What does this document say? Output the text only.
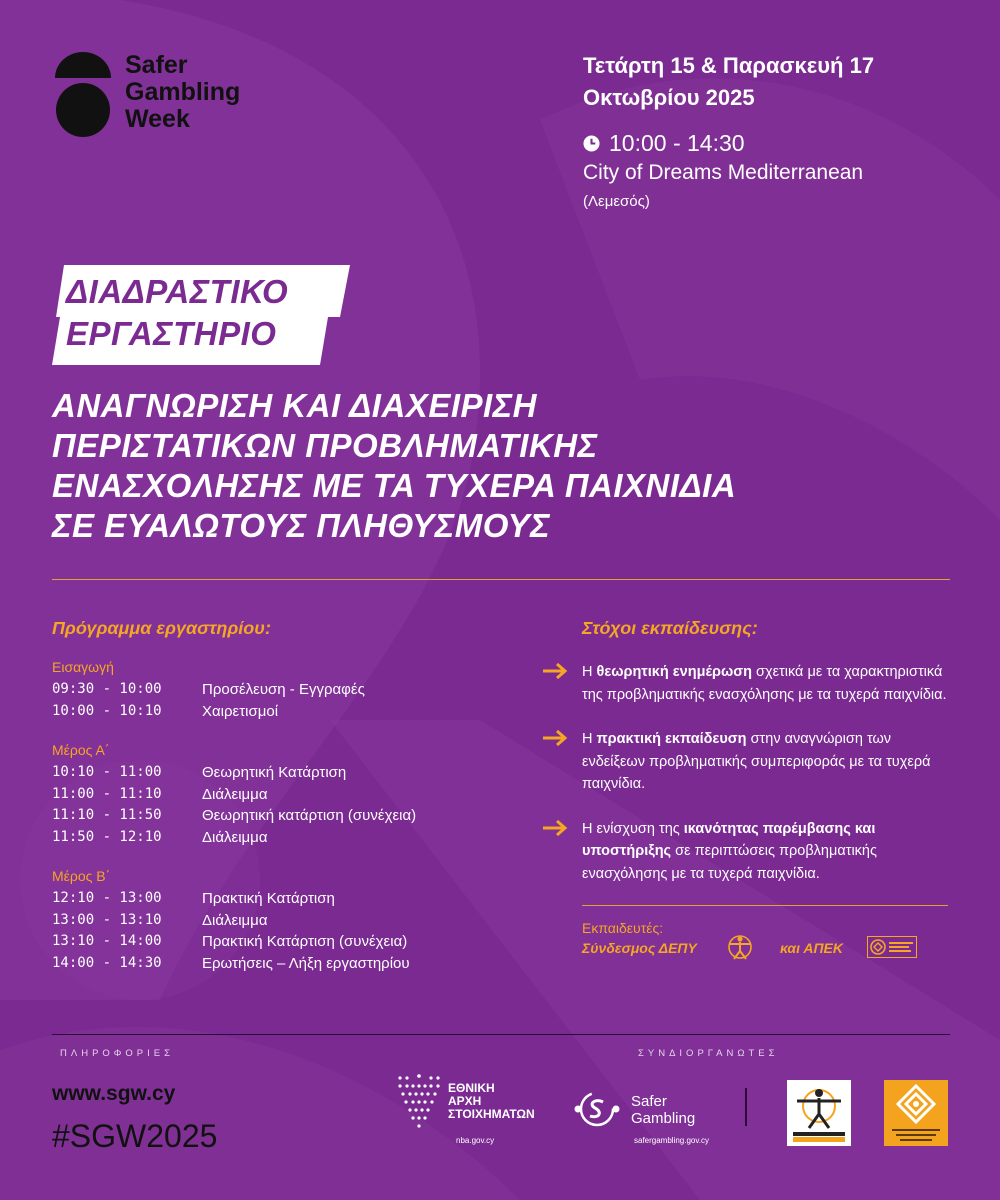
Safer
Gambling
Week
Τετάρτη 15 & Παρασκευή 17
Οκτωβρίου 2025
10:00 - 14:30
City of Dreams Mediterranean
(Λεμεσός)
ΔΙΑΔΡΑΣΤΙΚΟ
ΕΡΓΑΣΤΗΡΙΟ
ΑΝΑΓΝΩΡΙΣΗ ΚΑΙ ΔΙΑΧΕΙΡΙΣΗ
ΠΕΡΙΣΤΑΤΙΚΩΝ ΠΡΟΒΛΗΜΑΤΙΚΗΣ
ΕΝΑΣΧΟΛΗΣΗΣ ΜΕ ΤΑ ΤΥΧΕΡΑ ΠΑΙΧΝΙΔΙΑ
ΣΕ ΕΥΑΛΩΤΟΥΣ ΠΛΗΘΥΣΜΟΥΣ
Πρόγραμμα εργαστηρίου:
Εισαγωγή
09:30 - 10:00	Προσέλευση - Εγγραφές
10:00 - 10:10	Χαιρετισμοί
Μέρος Α΄
10:10 - 11:00	Θεωρητική Κατάρτιση
11:00 - 11:10	Διάλειμμα
11:10 - 11:50	Θεωρητική κατάρτιση (συνέχεια)
11:50 - 12:10	Διάλειμμα
Μέρος Β΄
12:10 - 13:00	Πρακτική Κατάρτιση
13:00 - 13:10	Διάλειμμα
13:10 - 14:00	Πρακτική Κατάρτιση (συνέχεια)
14:00 - 14:30	Ερωτήσεις – Λήξη εργαστηρίου
Στόχοι εκπαίδευσης:
Η θεωρητική ενημέρωση σχετικά με τα χαρακτηριστικά της προβληματικής ενασχόλησης με τα τυχερά παιχνίδια.
Η πρακτική εκπαίδευση στην αναγνώριση των ενδείξεων προβληματικής συμπεριφοράς με τα τυχερά παιχνίδια.
Η ενίσχυση της ικανότητας παρέμβασης και υποστήριξης σε περιπτώσεις προβληματικής ενασχόλησης με τα τυχερά παιχνίδια.
Εκπαιδευτές:
Σύνδεσμος ΔΕΠΥ	και ΑΠΕΚ
ΠΛΗΡΟΦΟΡΙΕΣ	ΣΥΝΔΙΟΡΓΑΝΩΤΕΣ
www.sgw.cy
#SGW2025
ΕΘΝΙΚΗ
ΑΡΧΗ
ΣΤΟΙΧΗΜΑΤΩΝ
nba.gov.cy
Safer
Gambling
safergambling.gov.cy
